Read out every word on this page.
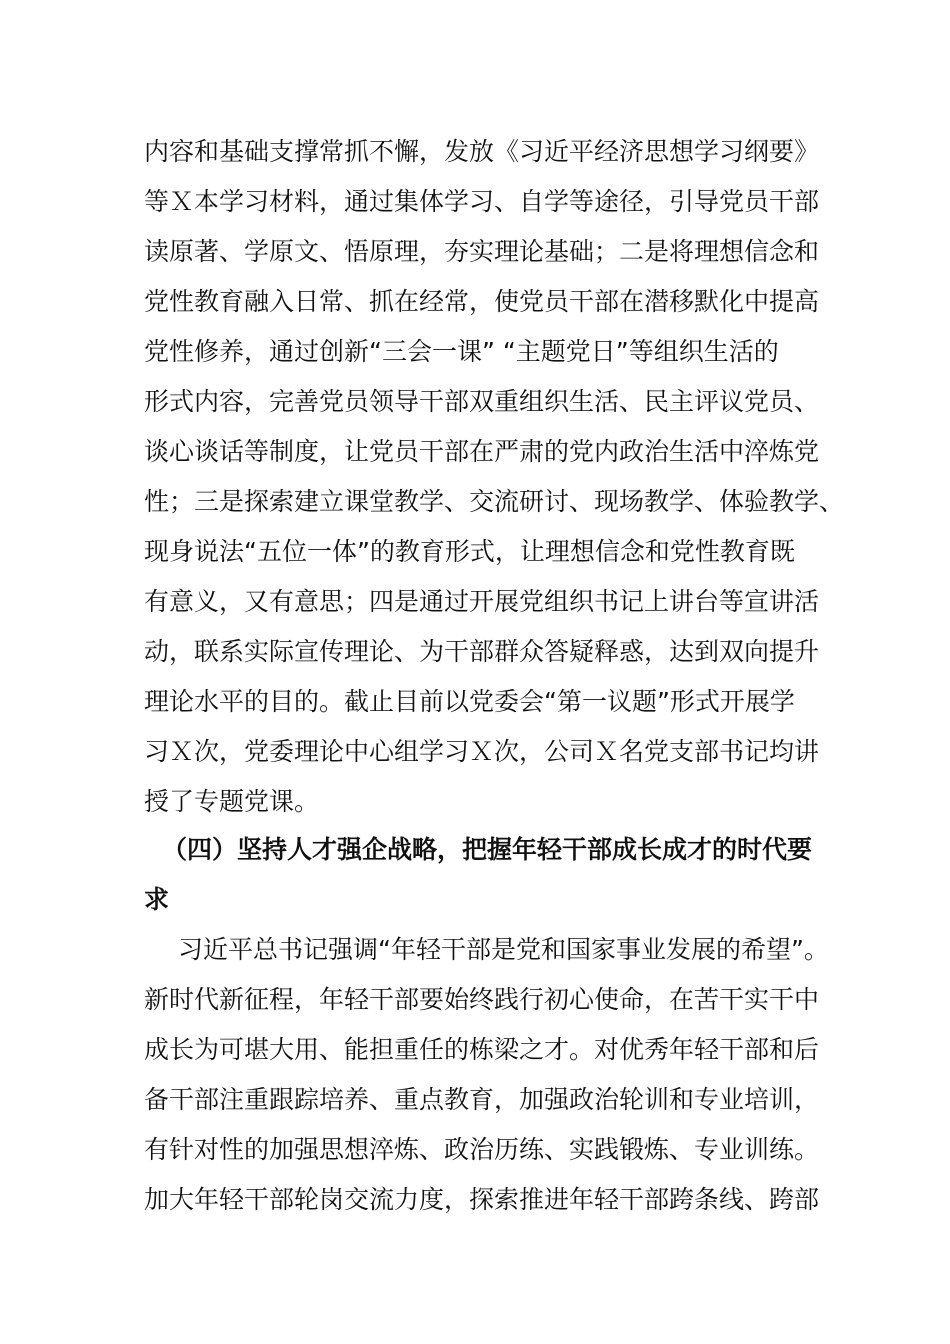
内容和基础支撑常抓不懈，发放《习近平经济思想学习纲要》
等Ｘ本学习材料，通过集体学习、自学等途径，引导党员干部
读原著、学原文、悟原理，夯实理论基础；二是将理想信念和
党性教育融入日常、抓在经常，使党员干部在潜移默化中提高
党性修养，通过创新“三会一课” “主题党日”等组织生活的
形式内容，完善党员领导干部双重组织生活、民主评议党员、
谈心谈话等制度，让党员干部在严肃的党内政治生活中淬炼党
性；三是探索建立课堂教学、交流研讨、现场教学、体验教学、
现身说法“五位一体”的教育形式，让理想信念和党性教育既
有意义，又有意思；四是通过开展党组织书记上讲台等宣讲活
动，联系实际宣传理论、为干部群众答疑释惑，达到双向提升
理论水平的目的。截止目前以党委会“第一议题”形式开展学
习Ｘ次，党委理论中心组学习Ｘ次，公司Ｘ名党支部书记均讲
授了专题党课。
（四）坚持人才强企战略，把握年轻干部成长成才的时代要
求
习近平总书记强调“年轻干部是党和国家事业发展的希望”。
新时代新征程，年轻干部要始终践行初心使命，在苦干实干中
成长为可堪大用、能担重任的栋梁之才。对优秀年轻干部和后
备干部注重跟踪培养、重点教育，加强政治轮训和专业培训，
有针对性的加强思想淬炼、政治历练、实践锻炼、专业训练。
加大年轻干部轮岗交流力度，探索推进年轻干部跨条线、跨部
